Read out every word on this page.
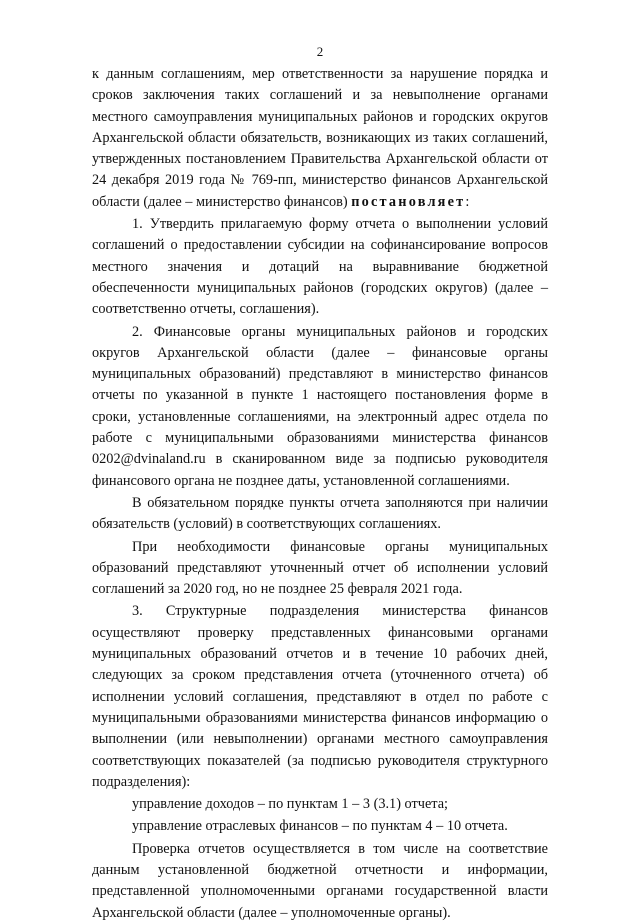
2

к данным соглашениям, мер ответственности за нарушение порядка и сроков заключения таких соглашений и за невыполнение органами местного самоуправления муниципальных районов и городских округов Архангельской области обязательств, возникающих из таких соглашений, утвержденных постановлением Правительства Архангельской области от 24 декабря 2019 года № 769-пп, министерство финансов Архангельской области (далее – министерство финансов) постановляет:

1. Утвердить прилагаемую форму отчета о выполнении условий соглашений о предоставлении субсидии на софинансирование вопросов местного значения и дотаций на выравнивание бюджетной обеспеченности муниципальных районов (городских округов) (далее – соответственно отчеты, соглашения).

2. Финансовые органы муниципальных районов и городских округов Архангельской области (далее – финансовые органы муниципальных образований) представляют в министерство финансов отчеты по указанной в пункте 1 настоящего постановления форме в сроки, установленные соглашениями, на электронный адрес отдела по работе с муниципальными образованиями министерства финансов 0202@dvinaland.ru в сканированном виде за подписью руководителя финансового органа не позднее даты, установленной соглашениями.

В обязательном порядке пункты отчета заполняются при наличии обязательств (условий) в соответствующих соглашениях.

При необходимости финансовые органы муниципальных образований представляют уточненный отчет об исполнении условий соглашений за 2020 год, но не позднее 25 февраля 2021 года.

3. Структурные подразделения министерства финансов осуществляют проверку представленных финансовыми органами муниципальных образований отчетов и в течение 10 рабочих дней, следующих за сроком представления отчета (уточненного отчета) об исполнении условий соглашения, представляют в отдел по работе с муниципальными образованиями министерства финансов информацию о выполнении (или невыполнении) органами местного самоуправления соответствующих показателей (за подписью руководителя структурного подразделения):

управление доходов – по пунктам 1 – 3 (3.1) отчета;

управление отраслевых финансов – по пунктам 4 – 10 отчета.

Проверка отчетов осуществляется в том числе на соответствие данным установленной бюджетной отчетности и информации, представленной уполномоченными органами государственной власти Архангельской области (далее – уполномоченные органы).
